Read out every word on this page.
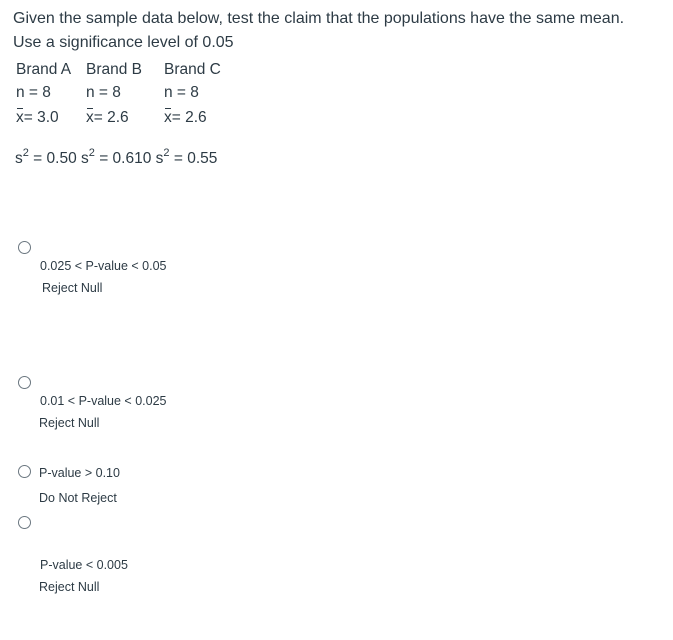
Given the sample data below, test the claim that the populations have the same mean.
Use a significance level of 0.05
Brand A Brand B Brand C
n = 8 n = 8	n = 8
x= 3.0 x= 2.6 x= 2.6
$s^2 = 0.50$ $s^2 = 0.610$ $s^2 = 0.55$
0.025 < P-value < 0.05
Reject Null
0.01 < P-value < 0.025
Reject Null
P-value > 0.10
Do Not Reject
P-value < 0.005
Reject Null
